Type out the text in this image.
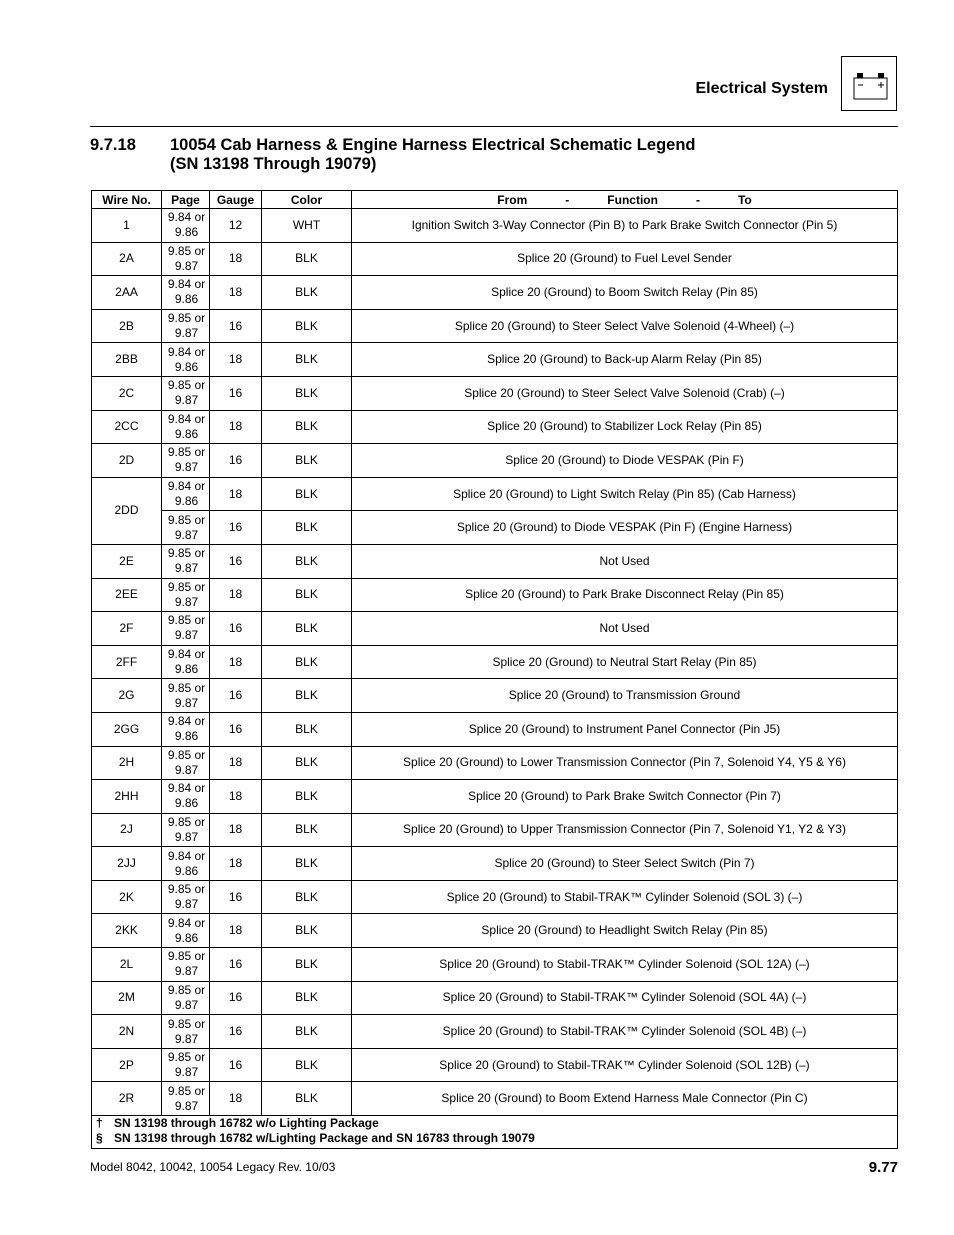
Electrical System
9.7.18 10054 Cab Harness & Engine Harness Electrical Schematic Legend
(SN 13198 Through 19079)
Wire No.	Page	Gauge	Color	From - Function - To
1	9.84 or
9.86	12	WHT	Ignition Switch 3-Way Connector (Pin B) to Park Brake Switch Connector (Pin 5)
2A	9.85 or
9.87	18	BLK	Splice 20 (Ground) to Fuel Level Sender
2AA	9.84 or
9.86	18	BLK	Splice 20 (Ground) to Boom Switch Relay (Pin 85)
2B	9.85 or
9.87	16	BLK	Splice 20 (Ground) to Steer Select Valve Solenoid (4-Wheel) (–)
2BB	9.84 or
9.86	18	BLK	Splice 20 (Ground) to Back-up Alarm Relay (Pin 85)
2C	9.85 or
9.87	16	BLK	Splice 20 (Ground) to Steer Select Valve Solenoid (Crab) (–)
2CC	9.84 or
9.86	18	BLK	Splice 20 (Ground) to Stabilizer Lock Relay (Pin 85)
2D	9.85 or
9.87	16	BLK	Splice 20 (Ground) to Diode VESPAK (Pin F)
2DD	9.84 or
9.86	18	BLK	Splice 20 (Ground) to Light Switch Relay (Pin 85) (Cab Harness)

	9.85 or
9.87	16	BLK	Splice 20 (Ground) to Diode VESPAK (Pin F) (Engine Harness)
2E	9.85 or
9.87	16	BLK	Not Used
2EE	9.85 or
9.87	18	BLK	Splice 20 (Ground) to Park Brake Disconnect Relay (Pin 85)
2F	9.85 or
9.87	16	BLK	Not Used
2FF	9.84 or
9.86	18	BLK	Splice 20 (Ground) to Neutral Start Relay (Pin 85)
2G	9.85 or
9.87	16	BLK	Splice 20 (Ground) to Transmission Ground
2GG	9.84 or
9.86	16	BLK	Splice 20 (Ground) to Instrument Panel Connector (Pin J5)
2H	9.85 or
9.87	18	BLK	Splice 20 (Ground) to Lower Transmission Connector (Pin 7, Solenoid Y4, Y5 & Y6)
2HH	9.84 or
9.86	18	BLK	Splice 20 (Ground) to Park Brake Switch Connector (Pin 7)
2J	9.85 or
9.87	18	BLK	Splice 20 (Ground) to Upper Transmission Connector (Pin 7, Solenoid Y1, Y2 & Y3)
2JJ	9.84 or
9.86	18	BLK	Splice 20 (Ground) to Steer Select Switch (Pin 7)
2K	9.85 or
9.87	16	BLK	Splice 20 (Ground) to Stabil-TRAK™ Cylinder Solenoid (SOL 3) (–)
2KK	9.84 or
9.86	18	BLK	Splice 20 (Ground) to Headlight Switch Relay (Pin 85)
2L	9.85 or
9.87	16	BLK	Splice 20 (Ground) to Stabil-TRAK™ Cylinder Solenoid (SOL 12A) (–)
2M	9.85 or
9.87	16	BLK	Splice 20 (Ground) to Stabil-TRAK™ Cylinder Solenoid (SOL 4A) (–)
2N	9.85 or
9.87	16	BLK	Splice 20 (Ground) to Stabil-TRAK™ Cylinder Solenoid (SOL 4B) (–)
2P	9.85 or
9.87	16	BLK	Splice 20 (Ground) to Stabil-TRAK™ Cylinder Solenoid (SOL 12B) (–)
2R	9.85 or
9.87	18	BLK	Splice 20 (Ground) to Boom Extend Harness Male Connector (Pin C)

† SN 13198 through 16782 w/o Lighting Package
§ SN 13198 through 16782 w/Lighting Package and SN 16783 through 19079				
Model 8042, 10042, 10054 Legacy Rev. 10/03	9.77
